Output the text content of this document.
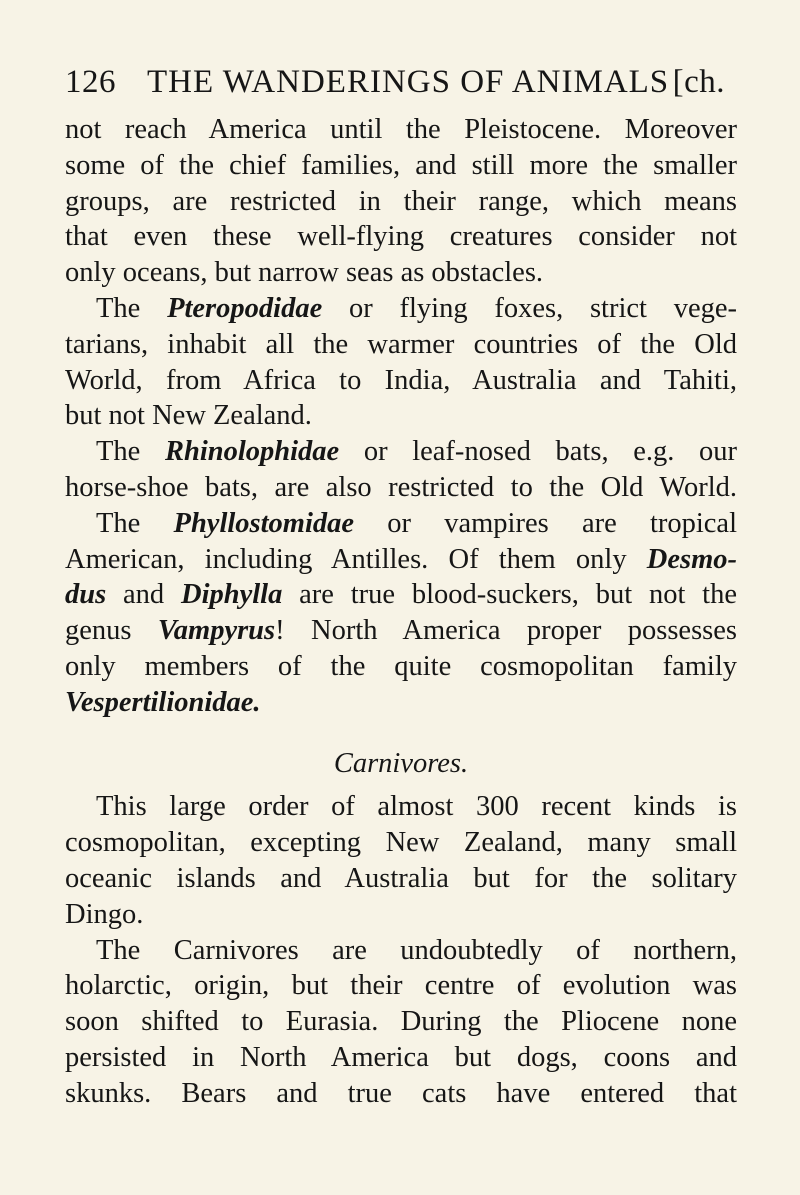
126 THE WANDERINGS OF ANIMALS [ch.
not reach America until the Pleistocene. Moreover
some of the chief families, and still more the smaller
groups, are restricted in their range, which means
that even these well-flying creatures consider not
only oceans, but narrow seas as obstacles.
The Pteropodidae or flying foxes, strict vege-
tarians, inhabit all the warmer countries of the Old
World, from Africa to India, Australia and Tahiti,
but not New Zealand.
The Rhinolophidae or leaf-nosed bats, e.g. our
horse-shoe bats, are also restricted to the Old World.
The Phyllostomidae or vampires are tropical
American, including Antilles. Of them only Desmo-
dus and Diphylla are true blood-suckers, but not the
genus Vampyrus! North America proper possesses
only members of the quite cosmopolitan family
Vespertilionidae.
Carnivores.
This large order of almost 300 recent kinds is
cosmopolitan, excepting New Zealand, many small
oceanic islands and Australia but for the solitary
Dingo.
The Carnivores are undoubtedly of northern,
holarctic, origin, but their centre of evolution was
soon shifted to Eurasia. During the Pliocene none
persisted in North America but dogs, coons and
skunks. Bears and true cats have entered that
